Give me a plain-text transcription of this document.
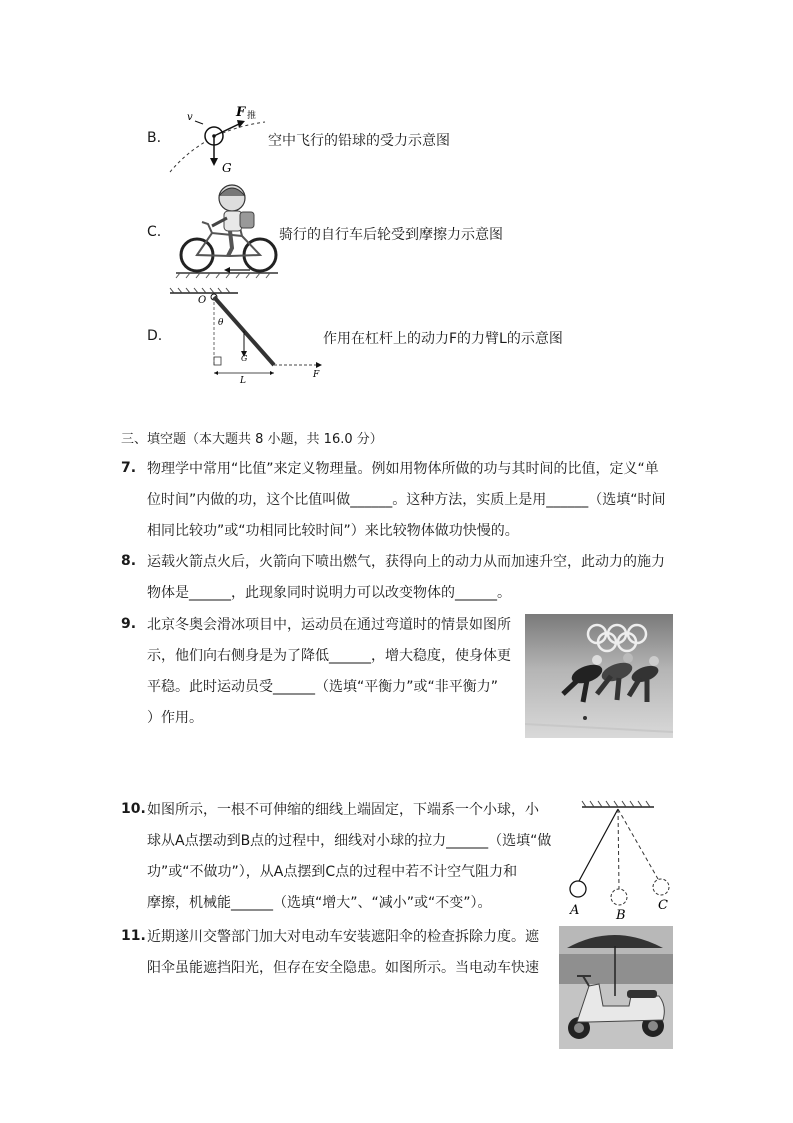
B.
v	F 推
G
空中飞行的铅球的受力示意图
C.	骑行的自行车后轮受到摩擦力示意图
D.
O
θ
G
L
F
作用在杠杆上的动力F的力臂L的示意图
三、填空题（本大题共 8 小题，共 16.0 分）
7. 物理学中常用“比值”来定义物理量。例如用物体所做的功与其时间的比值，定义“单
位时间”内做的功，这个比值叫做______。这种方法，实质上是用______（选填“时间
相同比较功”或“功相同比较时间”）来比较物体做功快慢的。
8. 运载火箭点火后，火箭向下喷出燃气，获得向上的动力从而加速升空，此动力的施力
物体是______，此现象同时说明力可以改变物体的______。
9. 北京冬奥会滑冰项目中，运动员在通过弯道时的情景如图所
示，他们向右侧身是为了降低______，增大稳度，使身体更
平稳。此时运动员受______（选填“平衡力”或“非平衡力”
）作用。
10. 如图所示，一根不可伸缩的细线上端固定，下端系一个小球，小
球从A点摆动到B点的过程中，细线对小球的拉力______（选填“做
功”或“不做功”），从A点摆到C点的过程中若不计空气阻力和
摩擦，机械能______（选填“增大”、“减小”或“不变”）。	A	B
C
11. 近期遂川交警部门加大对电动车安装遮阳伞的检查拆除力度。遮
阳伞虽能遮挡阳光，但存在安全隐患。如图所示。当电动车快速
